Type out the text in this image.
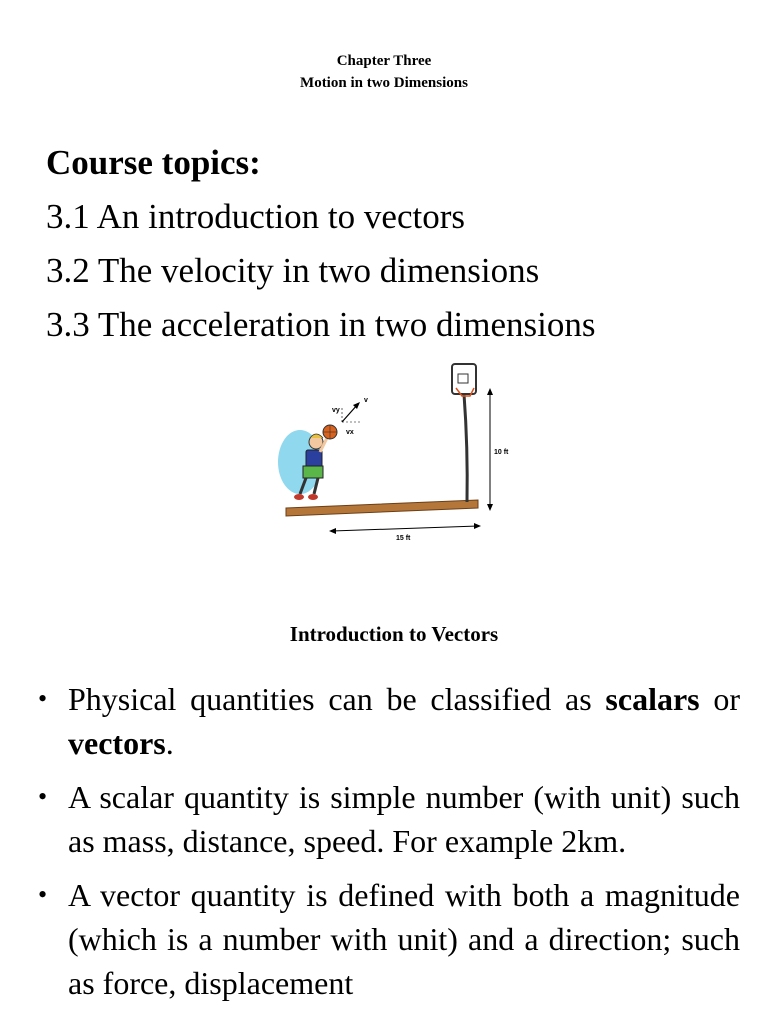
Chapter Three
Motion in two Dimensions
Course topics:
3.1 An introduction to vectors
3.2 The velocity in two dimensions
3.3 The acceleration in two dimensions
v
vy
vx
10 ft
15 ft
Introduction to Vectors
• Physical quantities can be classified as scalars or vectors.
• A scalar quantity is simple number (with unit) such as mass, distance, speed. For example 2km.
• A vector quantity is defined with both a magnitude (which is a number with unit) and a direction; such as force, displacement
